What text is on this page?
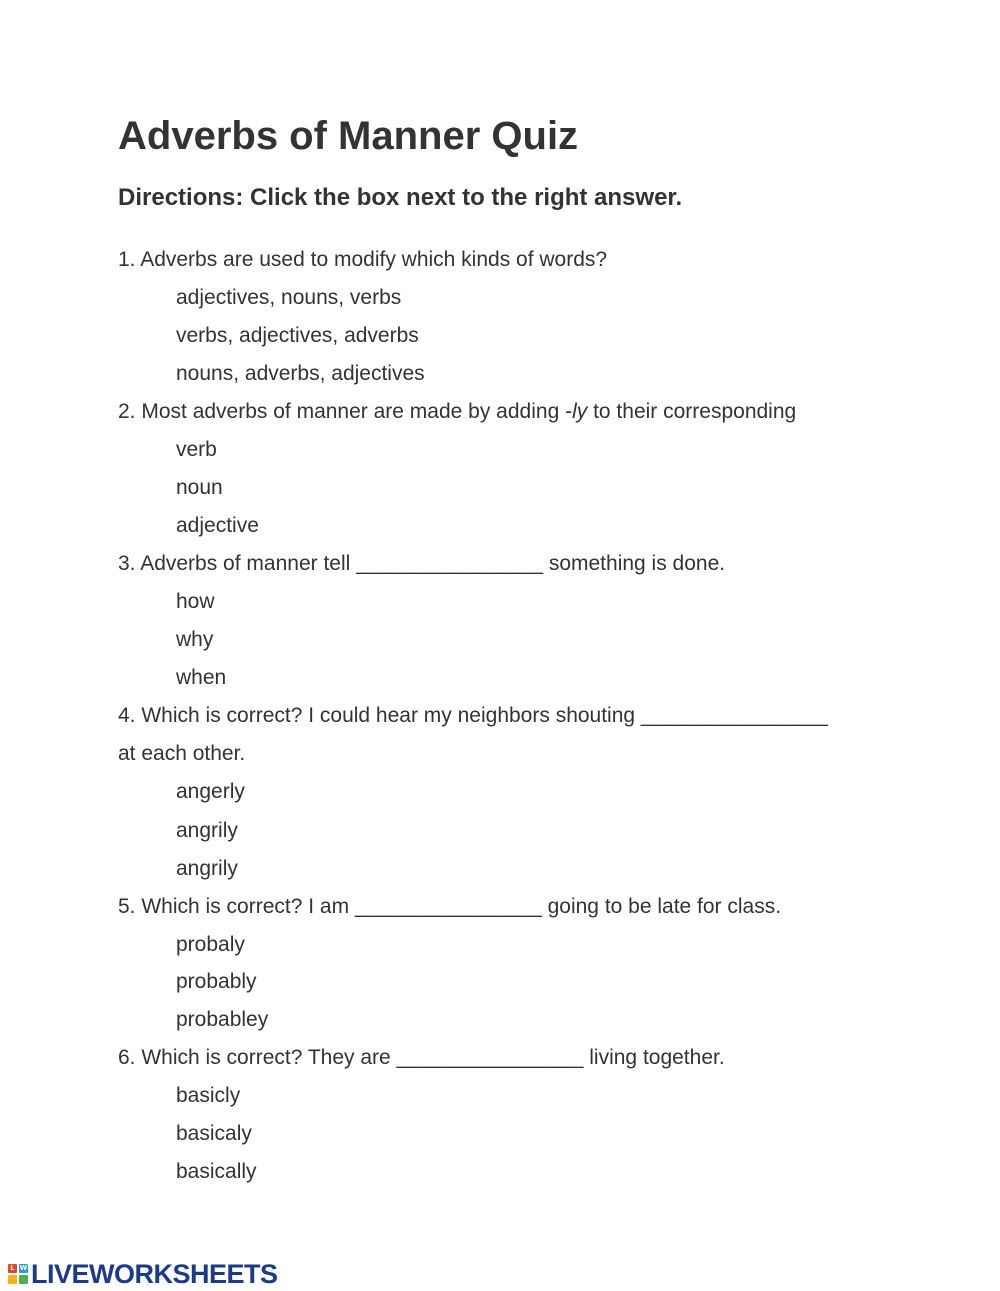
Adverbs of Manner Quiz
Directions: Click the box next to the right answer.
1. Adverbs are used to modify which kinds of words?
adjectives, nouns, verbs
verbs, adjectives, adverbs
nouns, adverbs, adjectives
2. Most adverbs of manner are made by adding -ly to their corresponding
verb
noun
adjective
3. Adverbs of manner tell ________________ something is done.
how
why
when
4. Which is correct? I could hear my neighbors shouting ________________
at each other.
angerly
angrily
angrily
5. Which is correct? I am ________________ going to be late for class.
probaly
probably
probabley
6. Which is correct? They are ________________ living together.
basicly
basicaly
basically
L W LIVEWORKSHEETS
